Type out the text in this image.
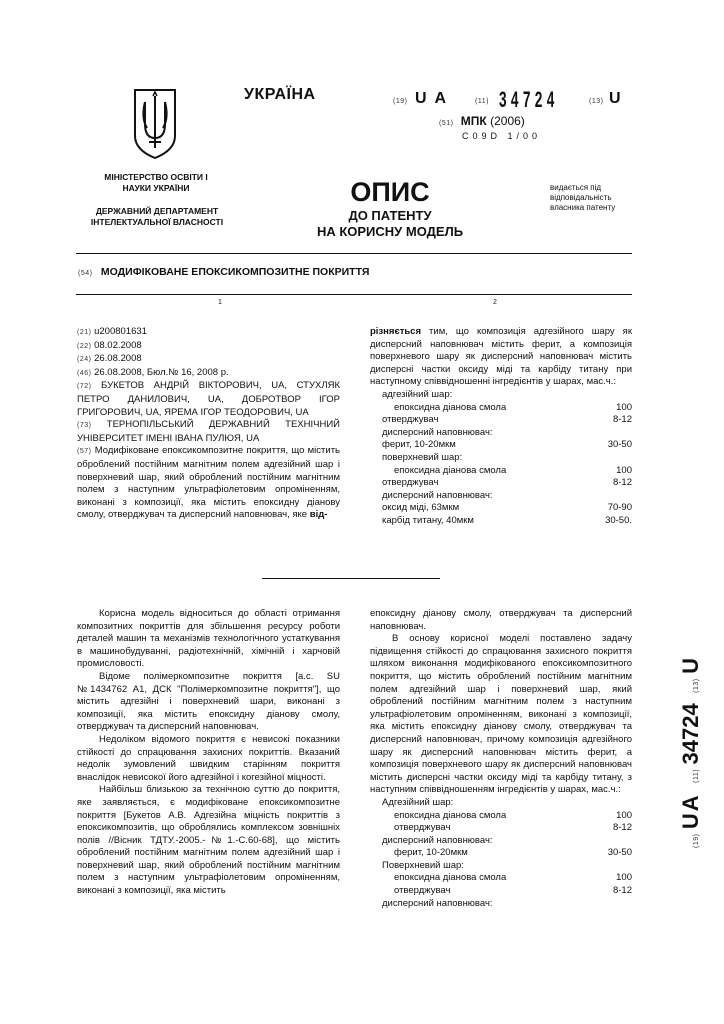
УКРАЇНА	(19) UA	(11) 34724	(13) U
(51) МПК (2006)
C09D 1/00
МІНІСТЕРСТВО ОСВІТИ І НАУКИ УКРАЇНИ
ДЕРЖАВНИЙ ДЕПАРТАМЕНТ ІНТЕЛЕКТУАЛЬНОЇ ВЛАСНОСТІ
ОПИС
ДО ПАТЕНТУ
НА КОРИСНУ МОДЕЛЬ
видається під відповідальність власника патенту
(54) МОДИФІКОВАНЕ ЕПОКСИКОМПОЗИТНЕ ПОКРИТТЯ
1	2
(21) u200801631
(22) 08.02.2008
(24) 26.08.2008
(46) 26.08.2008, Бюл.№ 16, 2008 р.
(72) БУКЕТОВ АНДРІЙ ВІКТОРОВИЧ, UA, СТУХЛЯК ПЕТРО ДАНИЛОВИЧ, UA, ДОБРОТВОР ІГОР ГРИГОРОВИЧ, UA, ЯРЕМА ІГОР ТЕОДОРОВИЧ, UA
(73) ТЕРНОПІЛЬСЬКИЙ ДЕРЖАВНИЙ ТЕХНІЧНИЙ УНІВЕРСИТЕТ ІМЕНІ ІВАНА ПУЛЮЯ, UA
(57) Модифіковане епоксикомпозитне покриття, що містить оброблений постійним магнітним полем адгезійний шар і поверхневий шар, який оброблений постійним магнітним полем з наступним ультрафіолетовим опроміненням, виконані з композиції, яка містить епоксидну діанову смолу, отверджувач та дисперсний наповнювач, яке від-
різняється тим, що композиція адгезійного шару як дисперсний наповнювач містить ферит, а композиція поверхневого шару як дисперсний наповнювач містить дисперсні частки оксиду міді та карбіду титану при наступному співвідношенні інгредієнтів у шарах, мас.ч.:
адгезійний шар:
епоксидна діанова смола	100
отверджувач	8-12
дисперсний наповнювач:
ферит, 10-20мкм	30-50
поверхневий шар:
епоксидна діанова смола	100
отверджувач	8-12
дисперсний наповнювач:
оксид міді, 63мкм	70-90
карбід титану, 40мкм	30-50.
Корисна модель відноситься до області отримання композитних покриттів для збільшення ресурсу роботи деталей машин та механізмів технологічного устаткування в машинобудуванні, радіотехнічній, хімічній і харчовій промисловості.
Відоме полімеркомпозитне покриття [а.с. SU №1434762 А1, ДСК "Полімеркомпозитне покриття"], що містить адгезійні і поверхневий шари, виконані з композиції, яка містить епоксидну діанову смолу, отверджувач та дисперсний наповнювач.
Недоліком відомого покриття є невисокі показники стійкості до спрацювання захисних покриттів. Вказаний недолік зумовлений швидким старінням покриття внаслідок невисокої його адгезійної і когезійної міцності.
Найбільш близькою за технічною суттю до покриття, яке заявляється, є модифіковане епоксикомпозитне покриття [Букетов А.В. Адгезійна міцність покриттів з епоксикомпозитів, що оброблялись комплексом зовнішніх полів //Вісник ТДТУ.-2005.-№1.-С.60-68], що містить оброблений постійним магнітним полем адгезійний шар і поверхневий шар, який оброблений постійним магнітним полем з наступним ультрафіолетовим опроміненням, виконані з композиції, яка містить
епоксидну діанову смолу, отверджувач та дисперсний наповнювач.
В основу корисної моделі поставлено задачу підвищення стійкості до спрацювання захисного покриття шляхом виконання модифікованого епоксикомпозитного покриття, що містить оброблений постійним магнітним полем адгезійний шар і поверхневий шар, який оброблений постійним магнітним полем з наступним ультрафіолетовим опроміненням, виконані з композиції, яка містить епоксидну діанову смолу, отверджувач та дисперсний наповнювач, причому композиція адгезійного шару як дисперсний наповнювач містить ферит, а композиція поверхневого шару як дисперсний наповнювач містить дисперсні частки оксиду міді та карбіду титану, з наступним співвідношенням інгредієнтів у шарах, мас.ч.:
Адгезійний шар:
епоксидна діанова смола	100
отверджувач	8-12
дисперсний наповнювач:
ферит, 10-20мкм	30-50
Поверхневий шар:
епоксидна діанова смола	100
отверджувач	8-12
дисперсний наповнювач:
(19) UA (11) 34724 (13) U
